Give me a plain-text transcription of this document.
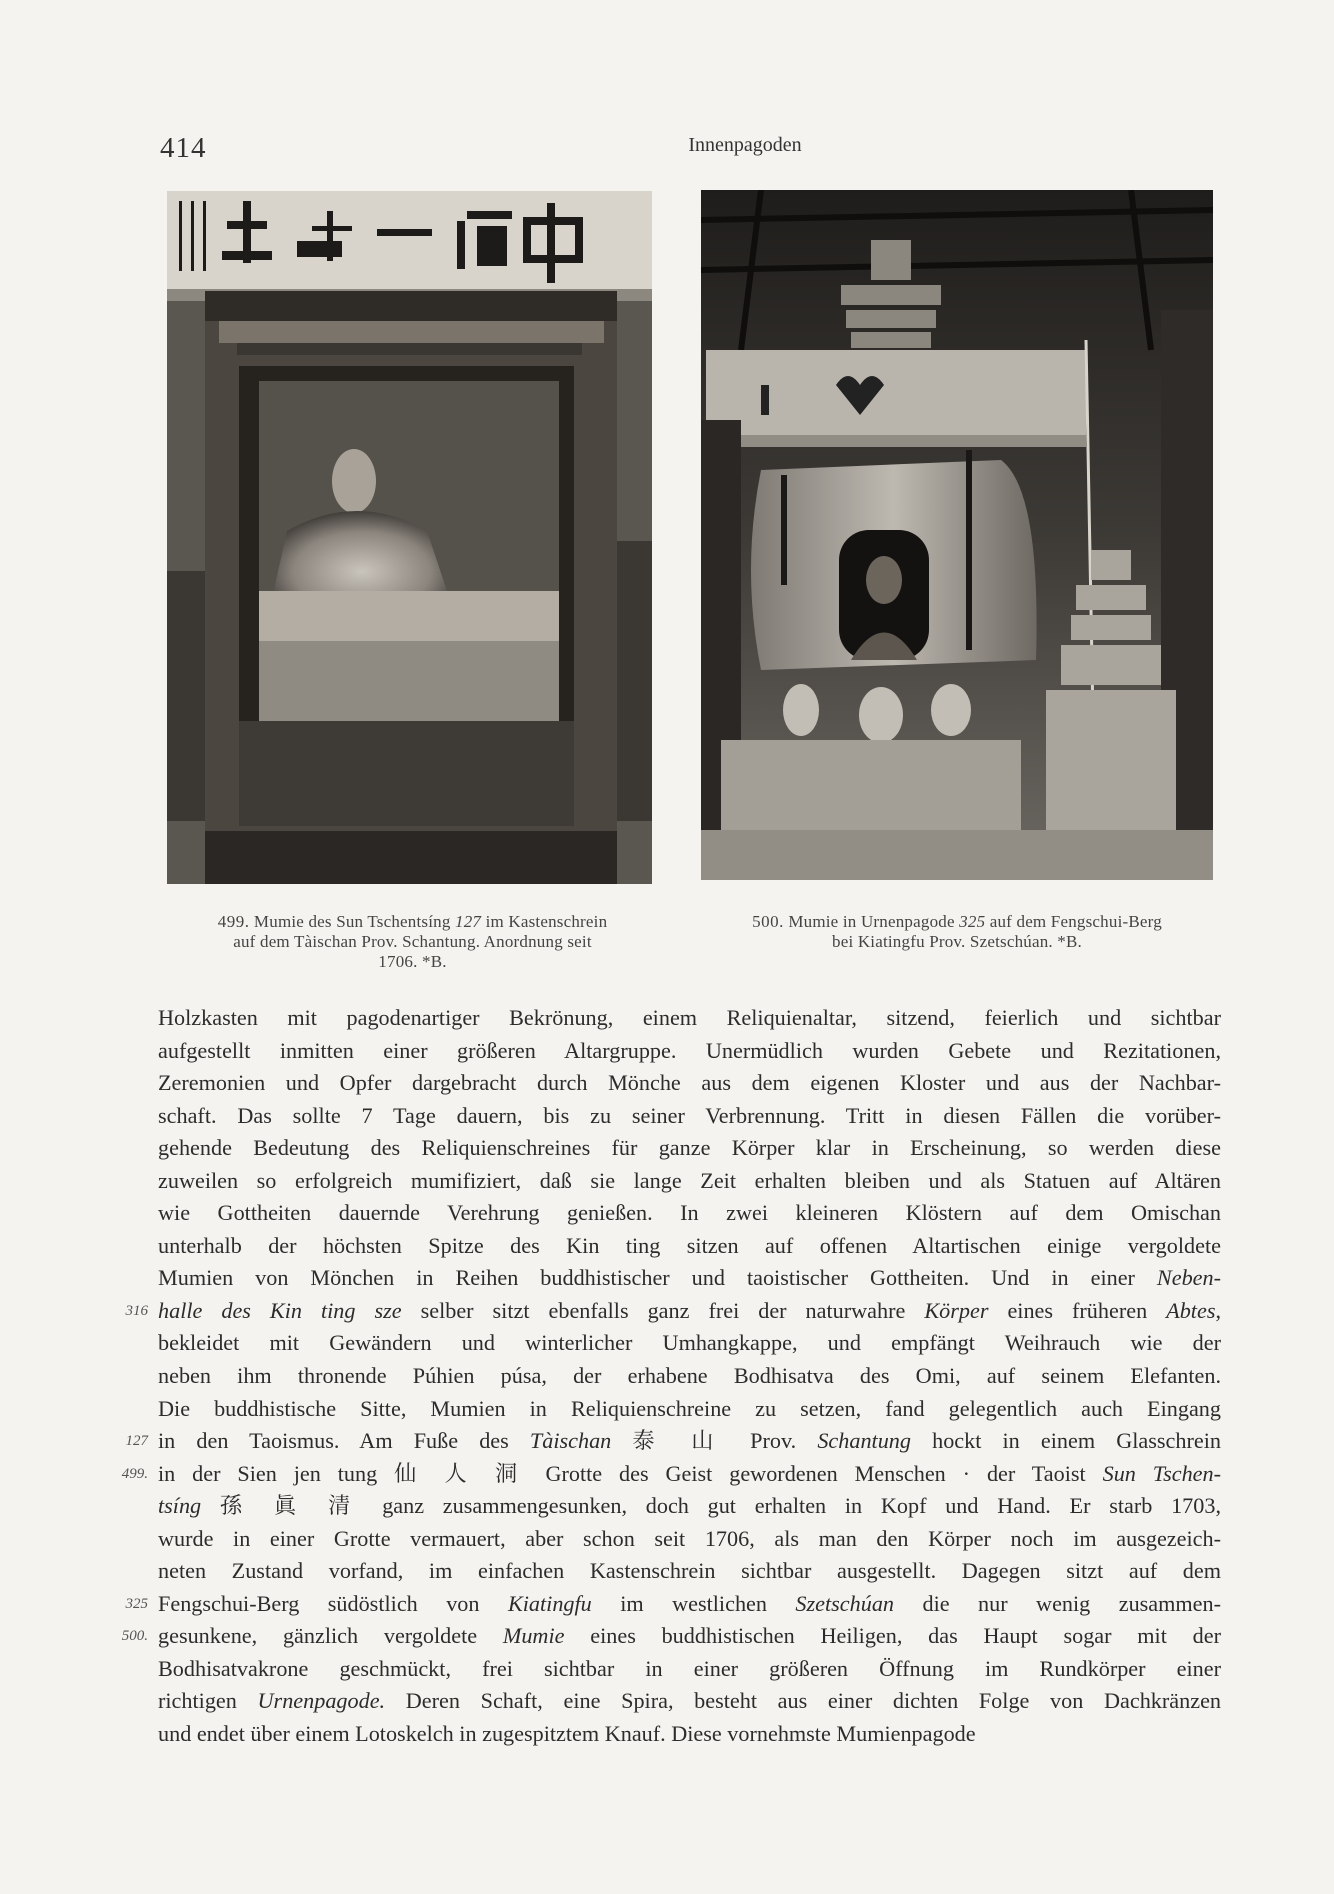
414	Innenpagoden
499. Mumie des Sun Tschentsíng 127 im Kastenschrein
auf dem Tàischan Prov. Schantung. Anordnung seit
1706. *B.
500. Mumie in Urnenpagode 325 auf dem Fengschui-Berg
bei Kiatingfu Prov. Szetschúan. *B.
Holzkasten mit pagodenartiger Bekrönung, einem Reliquienaltar, sitzend, feierlich und sichtbar
aufgestellt inmitten einer größeren Altargruppe. Unermüdlich wurden Gebete und Rezitationen,
Zeremonien und Opfer dargebracht durch Mönche aus dem eigenen Kloster und aus der Nachbar-
schaft. Das sollte 7 Tage dauern, bis zu seiner Verbrennung. Tritt in diesen Fällen die vorüber-
gehende Bedeutung des Reliquienschreines für ganze Körper klar in Erscheinung, so werden diese
zuweilen so erfolgreich mumifiziert, daß sie lange Zeit erhalten bleiben und als Statuen auf Altären
wie Gottheiten dauernde Verehrung genießen. In zwei kleineren Klöstern auf dem Omischan
unterhalb der höchsten Spitze des Kin ting sitzen auf offenen Altartischen einige vergoldete
Mumien von Mönchen in Reihen buddhistischer und taoistischer Gottheiten. Und in einer Neben-
halle des Kin ting sze selber sitzt ebenfalls ganz frei der naturwahre Körper eines früheren Abtes,
bekleidet mit Gewändern und winterlicher Umhangkappe, und empfängt Weihrauch wie der
neben ihm thronende Púhien púsa, der erhabene Bodhisatva des Omi, auf seinem Elefanten.
Die buddhistische Sitte, Mumien in Reliquienschreine zu setzen, fand gelegentlich auch Eingang
in den Taoismus. Am Fuße des Tàischan 泰 山 Prov. Schantung hockt in einem Glasschrein
in der Sien jen tung 仙 人 洞 Grotte des Geist gewordenen Menschen · der Taoist Sun Tschen-
tsíng 孫 眞 清 ganz zusammengesunken, doch gut erhalten in Kopf und Hand. Er starb 1703,
wurde in einer Grotte vermauert, aber schon seit 1706, als man den Körper noch im ausgezeich-
neten Zustand vorfand, im einfachen Kastenschrein sichtbar ausgestellt. Dagegen sitzt auf dem
Fengschui-Berg südöstlich von Kiatingfu im westlichen Szetschúan die nur wenig zusammen-
gesunkene, gänzlich vergoldete Mumie eines buddhistischen Heiligen, das Haupt sogar mit der
Bodhisatvakrone geschmückt, frei sichtbar in einer größeren Öffnung im Rundkörper einer
richtigen Urnenpagode. Deren Schaft, eine Spira, besteht aus einer dichten Folge von Dachkränzen
und endet über einem Lotoskelch in zugespitztem Knauf. Diese vornehmste Mumienpagode
316
127
499.
325
500.
